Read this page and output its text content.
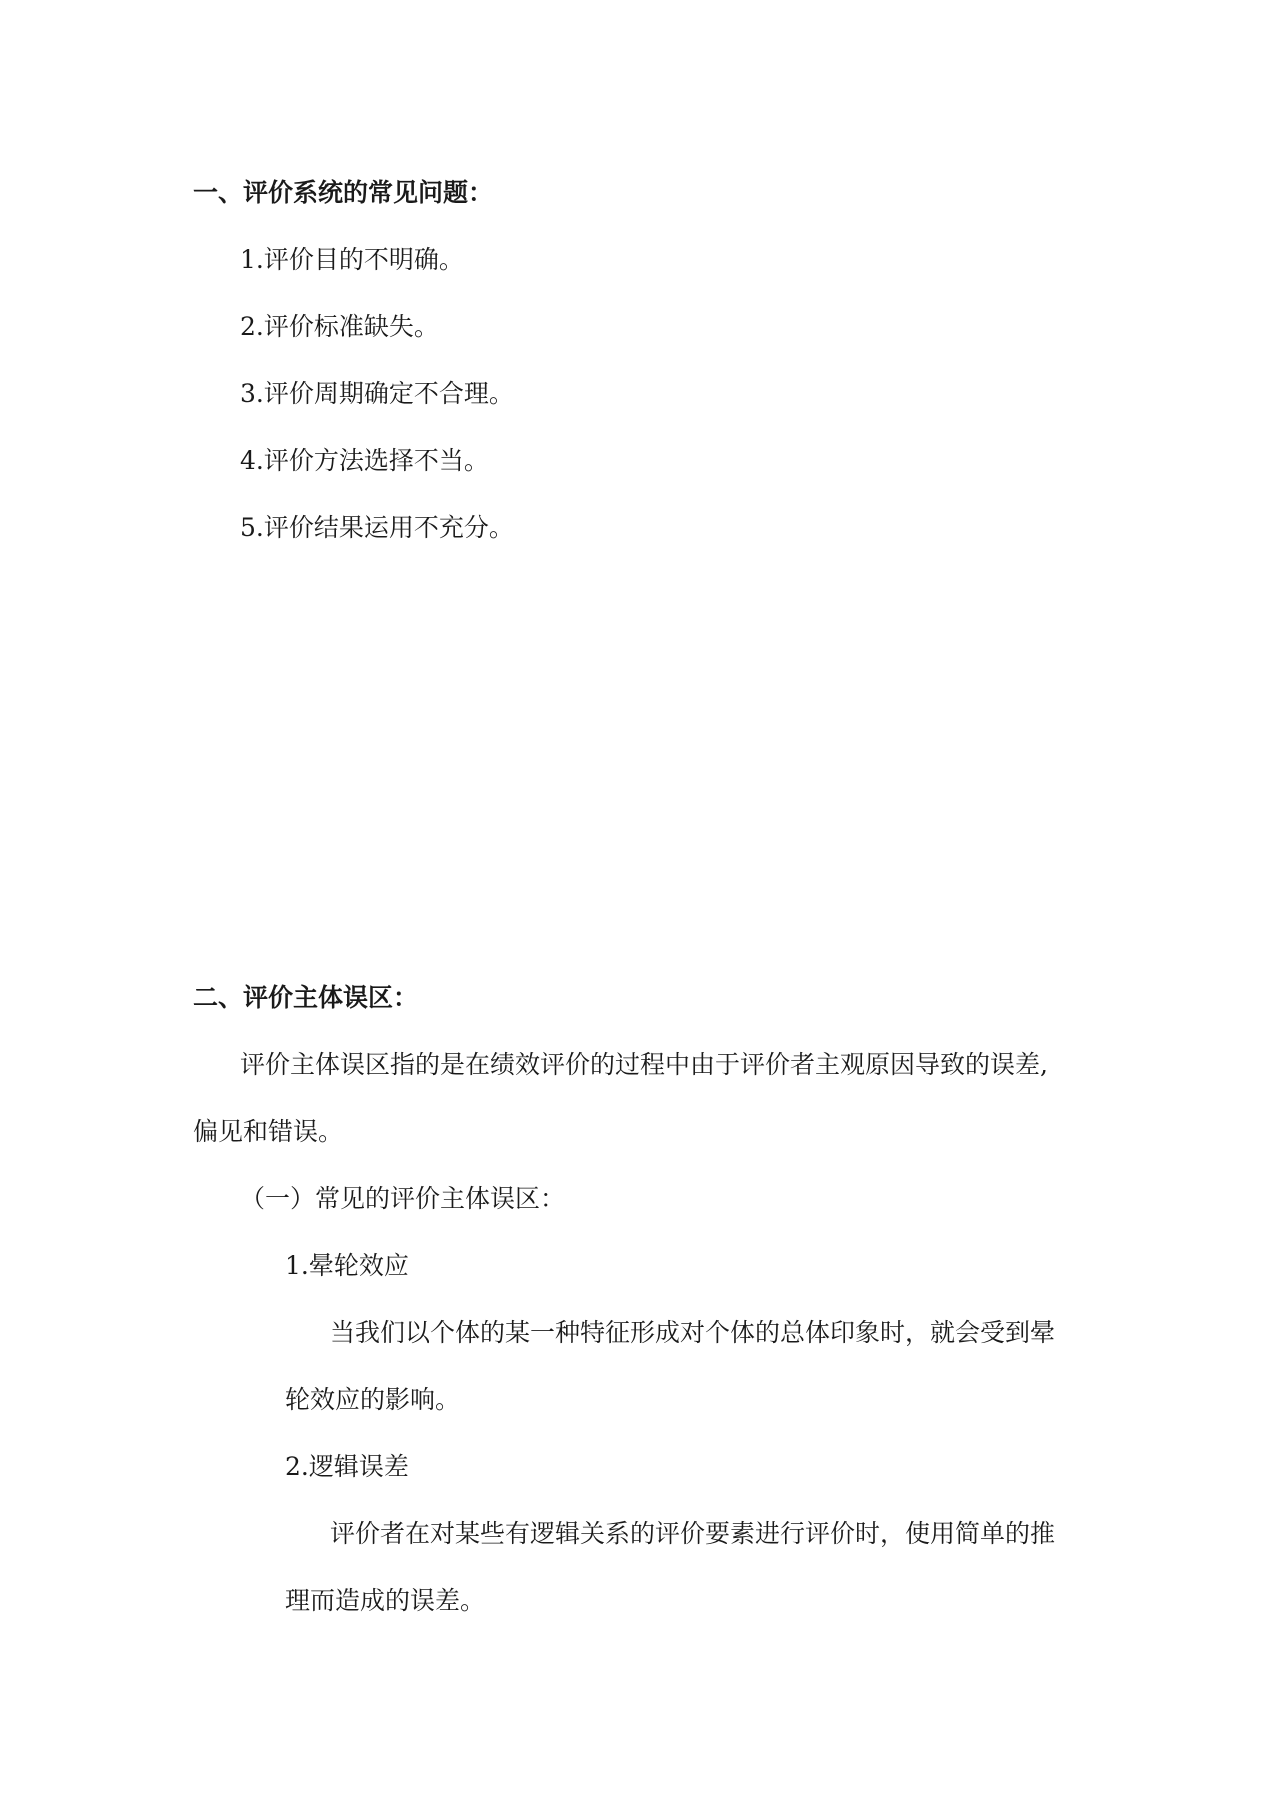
一、评价系统的常见问题：
1.评价目的不明确。
2.评价标准缺失。
3.评价周期确定不合理。
4.评价方法选择不当。
5.评价结果运用不充分。
二、评价主体误区：
评价主体误区指的是在绩效评价的过程中由于评价者主观原因导致的误差,
偏见和错误。
（一）常见的评价主体误区：
1.晕轮效应
当我们以个体的某一种特征形成对个体的总体印象时，就会受到晕
轮效应的影响。
2.逻辑误差
评价者在对某些有逻辑关系的评价要素进行评价时，使用简单的推
理而造成的误差。
